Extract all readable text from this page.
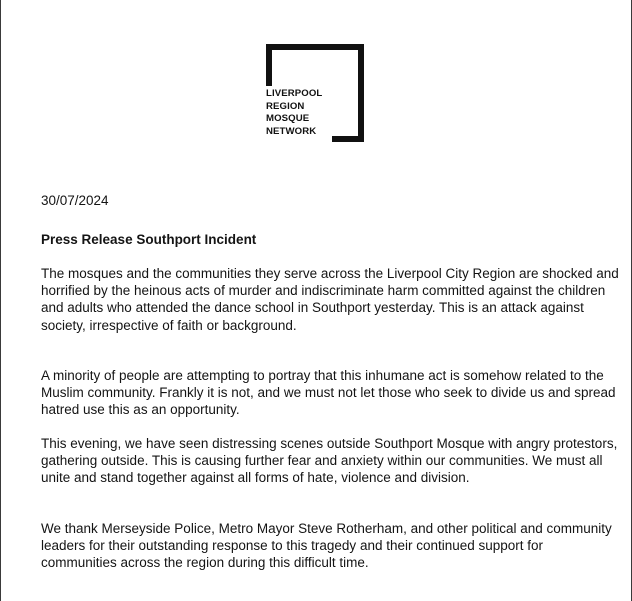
LIVERPOOL
REGION
MOSQUE
NETWORK
30/07/2024
Press Release Southport Incident

The mosques and the communities they serve across the Liverpool City Region are shocked and horrified by the heinous acts of murder and indiscriminate harm committed against the children and adults who attended the dance school in Southport yesterday. This is an attack against society, irrespective of faith or background.

A minority of people are attempting to portray that this inhumane act is somehow related to the Muslim community. Frankly it is not, and we must not let those who seek to divide us and spread hatred use this as an opportunity.

This evening, we have seen distressing scenes outside Southport Mosque with angry protestors, gathering outside. This is causing further fear and anxiety within our communities. We must all unite and stand together against all forms of hate, violence and division.

We thank Merseyside Police, Metro Mayor Steve Rotherham, and other political and community leaders for their outstanding response to this tragedy and their continued support for communities across the region during this difficult time.
